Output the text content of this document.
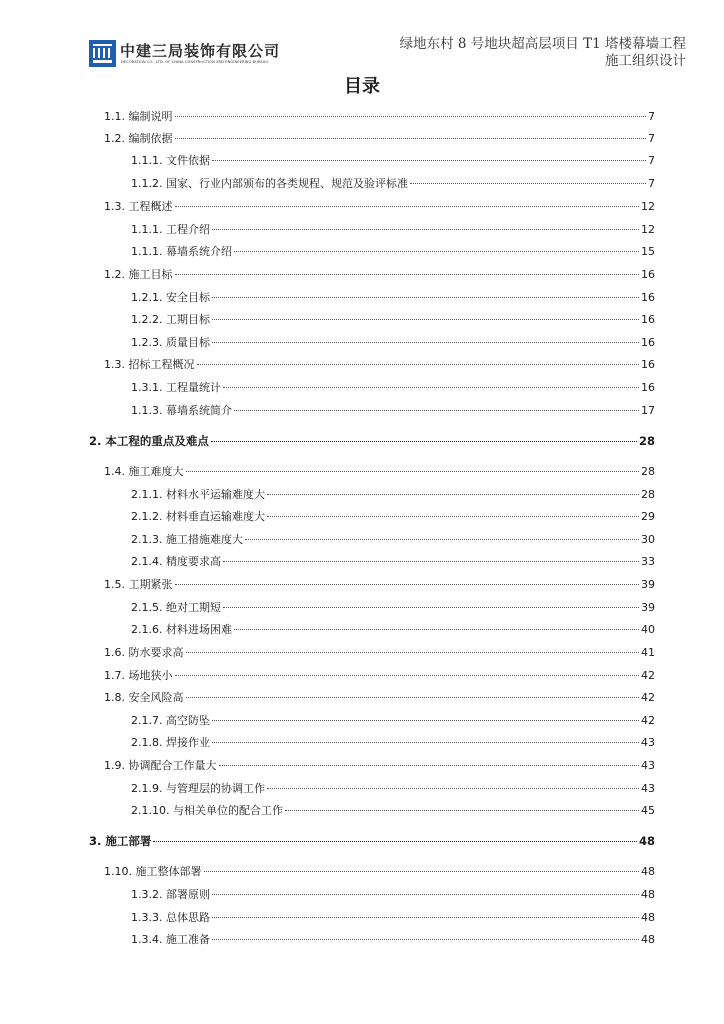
中建三局装饰有限公司
DECORATION CO., LTD. OF CHINA CONSTRUCTION 3RD ENGINEERING BUREAU
绿地东村 8 号地块超高层项目 T1 塔楼幕墙工程
施工组织设计
目录
1.1. 编制说明	7
1.2. 编制依据	7
1.1.1. 文件依据	7
1.1.2. 国家、行业内部颁布的各类规程、规范及验评标准	7
1.3. 工程概述	12
1.1.1. 工程介绍	12
1.1.1. 幕墙系统介绍	15
1.2. 施工目标	16
1.2.1. 安全目标	16
1.2.2. 工期目标	16
1.2.3. 质量目标	16
1.3. 招标工程概况	16
1.3.1. 工程量统计	16
1.1.3. 幕墙系统简介	17
2. 本工程的重点及难点	28
1.4. 施工难度大	28
2.1.1. 材料水平运输难度大	28
2.1.2. 材料垂直运输难度大	29
2.1.3. 施工措施难度大	30
2.1.4. 精度要求高	33
1.5. 工期紧张	39
2.1.5. 绝对工期短	39
2.1.6. 材料进场困难	40
1.6. 防水要求高	41
1.7. 场地狭小	42
1.8. 安全风险高	42
2.1.7. 高空防坠	42
2.1.8. 焊接作业	43
1.9. 协调配合工作量大	43
2.1.9. 与管理层的协调工作	43
2.1.10. 与相关单位的配合工作	45
3. 施工部署	48
1.10. 施工整体部署	48
1.3.2. 部署原则	48
1.3.3. 总体思路	48
1.3.4. 施工准备	48
